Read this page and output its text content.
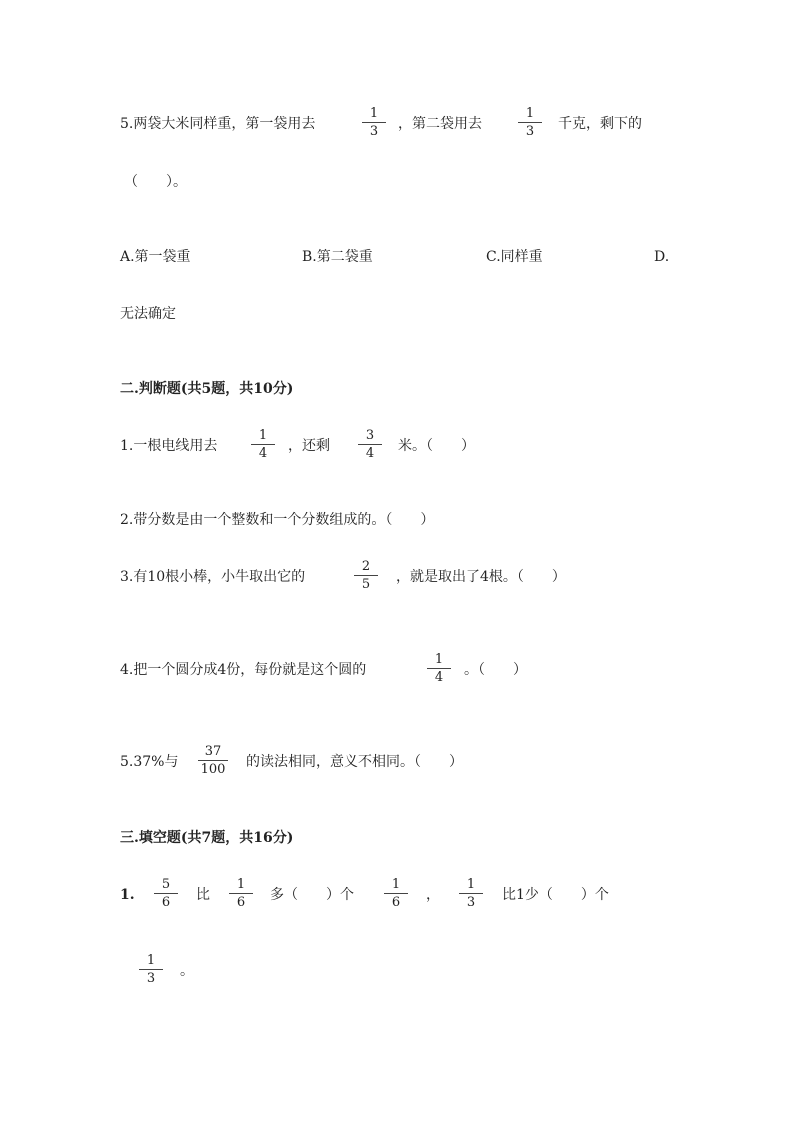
5.两袋大米同样重，第一袋用去
1
3 ，第二袋用去
1
3 千克，剩下的
（　　）。
A.第一袋重	B.第二袋重	C.同样重	D.
无法确定
二.判断题(共5题，共10分)
1.一根电线用去
1
4 ，还剩
3
4 米。（　　）
2.带分数是由一个整数和一个分数组成的。（　　）
3.有10根小棒，小牛取出它的
2
5 ，就是取出了4根。（　　）
4.把一个圆分成4份，每份就是这个圆的
1
4 。（　　）
5.37%与
37
100 的读法相同，意义不相同。（　　）
三.填空题(共7题，共16分)
1.
5
6 比
1
6 多（　　）个
1
6 ，
1
3 比1少（　　）个
1
3 。
